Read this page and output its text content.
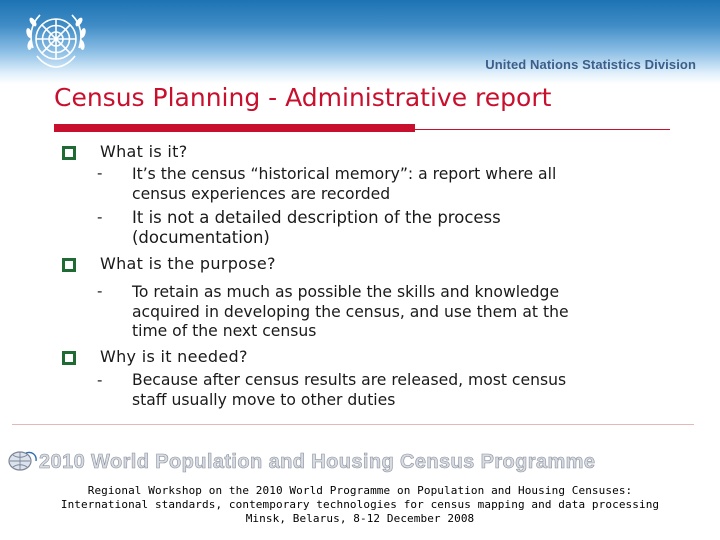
United Nations Statistics Division
Census Planning - Administrative report
What is it?
- It’s the census “historical memory”: a report where all
census experiences are recorded
- It is not a detailed description of the process
(documentation)
What is the purpose?
- To retain as much as possible the skills and knowledge
acquired in developing the census, and use them at the
time of the next census
Why is it needed?
- Because after census results are released, most census
staff usually move to other duties
2010 World Population and Housing Census Programme
Regional Workshop on the 2010 World Programme on Population and Housing Censuses:
International standards, contemporary technologies for census mapping and data processing
Minsk, Belarus, 8-12 December 2008
